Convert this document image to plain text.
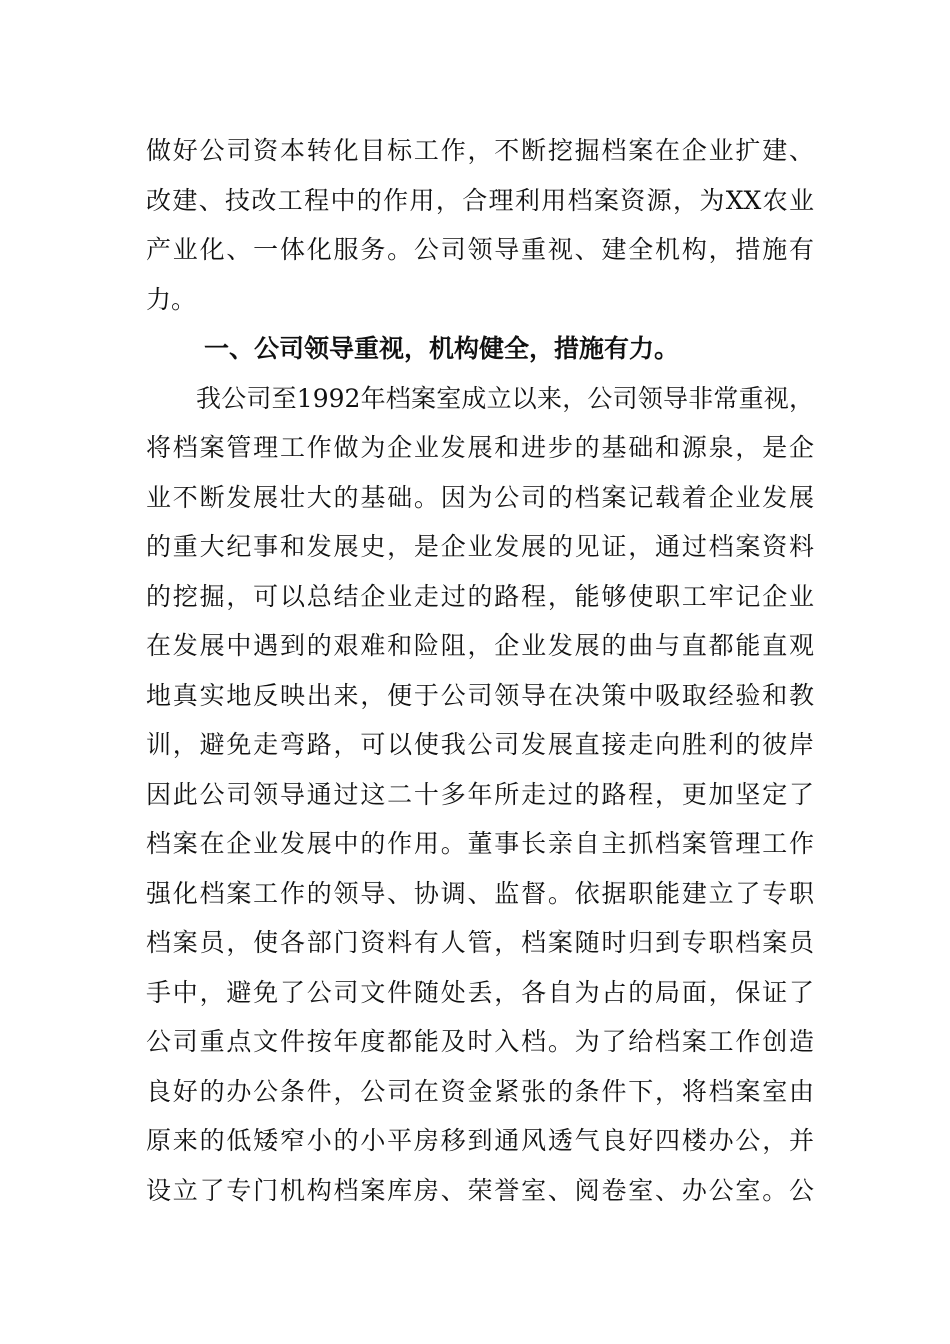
做好公司资本转化目标工作，不断挖掘档案在企业扩建、
改建、技改工程中的作用，合理利用档案资源，为XX农业
产业化、一体化服务。公司领导重视、建全机构，措施有
力。
一、公司领导重视，机构健全，措施有力。
我公司至1992年档案室成立以来，公司领导非常重视，
将档案管理工作做为企业发展和进步的基础和源泉，是企
业不断发展壮大的基础。因为公司的档案记载着企业发展
的重大纪事和发展史，是企业发展的见证，通过档案资料
的挖掘，可以总结企业走过的路程，能够使职工牢记企业
在发展中遇到的艰难和险阻，企业发展的曲与直都能直观
地真实地反映出来，便于公司领导在决策中吸取经验和教
训，避免走弯路，可以使我公司发展直接走向胜利的彼岸
因此公司领导通过这二十多年所走过的路程，更加坚定了
档案在企业发展中的作用。董事长亲自主抓档案管理工作
强化档案工作的领导、协调、监督。依据职能建立了专职
档案员，使各部门资料有人管，档案随时归到专职档案员
手中，避免了公司文件随处丢，各自为占的局面，保证了
公司重点文件按年度都能及时入档。为了给档案工作创造
良好的办公条件，公司在资金紧张的条件下，将档案室由
原来的低矮窄小的小平房移到通风透气良好四楼办公，并
设立了专门机构档案库房、荣誉室、阅卷室、办公室。公
